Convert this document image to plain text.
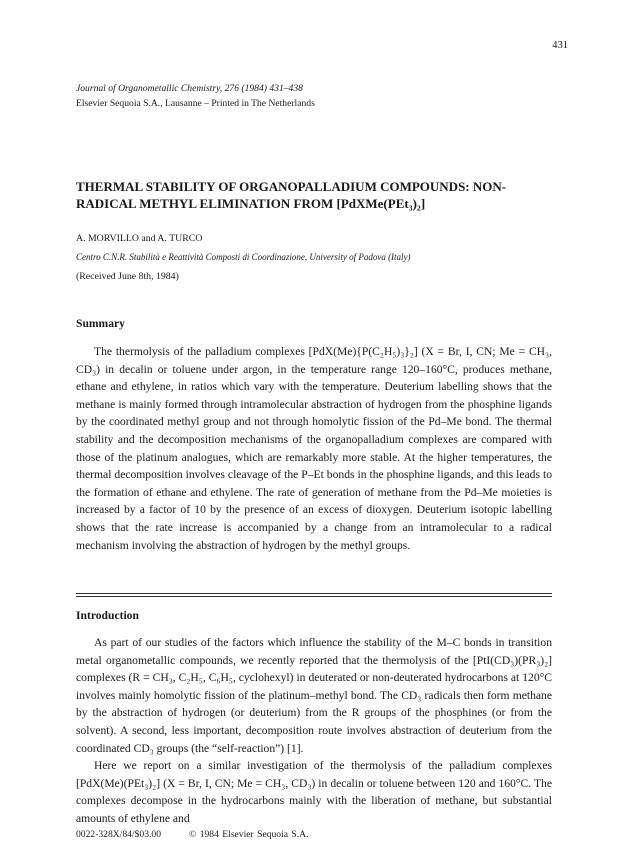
431
Journal of Organometallic Chemistry, 276 (1984) 431–438
Elsevier Sequoia S.A., Lausanne – Printed in The Netherlands
THERMAL STABILITY OF ORGANOPALLADIUM COMPOUNDS: NON-RADICAL METHYL ELIMINATION FROM [PdXMe(PEt₃)₂]
A. MORVILLO and A. TURCO
Centro C.N.R. Stabilità e Reattività Composti di Coordinazione, University of Padova (Italy)
(Received June 8th, 1984)
Summary

The thermolysis of the palladium complexes [PdX(Me){P(C₂H₅)₃}₂] (X = Br, I, CN; Me = CH₃, CD₃) in decalin or toluene under argon, in the temperature range 120–160°C, produces methane, ethane and ethylene, in ratios which vary with the temperature. Deuterium labelling shows that the methane is mainly formed through intramolecular abstraction of hydrogen from the phosphine ligands by the coordinated methyl group and not through homolytic fission of the Pd–Me bond. The thermal stability and the decomposition mechanisms of the organopalladium complexes are compared with those of the platinum analogues, which are remarkably more stable. At the higher temperatures, the thermal decomposition involves cleavage of the P–Et bonds in the phosphine ligands, and this leads to the formation of ethane and ethylene. The rate of generation of methane from the Pd–Me moieties is increased by a factor of 10 by the presence of an excess of dioxygen. Deuterium isotopic labelling shows that the rate increase is accompanied by a change from an intramolecular to a radical mechanism involving the abstraction of hydrogen by the methyl groups.

Introduction

As part of our studies of the factors which influence the stability of the M–C bonds in transition metal organometallic compounds, we recently reported that the thermolysis of the [PtI(CD₃)(PR₃)₂] complexes (R = CH₃, C₂H₅, C₆H₅, cyclohexyl) in deuterated or non-deuterated hydrocarbons at 120°C involves mainly homolytic fission of the platinum–methyl bond. The CD₃ radicals then form methane by the abstraction of hydrogen (or deuterium) from the R groups of the phosphines (or from the solvent). A second, less important, decomposition route involves abstraction of deuterium from the coordinated CD₃ groups (the “self-reaction”) [1].

Here we report on a similar investigation of the thermolysis of the palladium complexes [PdX(Me)(PEt₃)₂] (X = Br, I, CN; Me = CH₃, CD₃) in decalin or toluene between 120 and 160°C. The complexes decompose in the hydrocarbons mainly with the liberation of methane, but substantial amounts of ethylene and

0022-328X/84/$03.00	© 1984 Elsevier Sequoia S.A.
